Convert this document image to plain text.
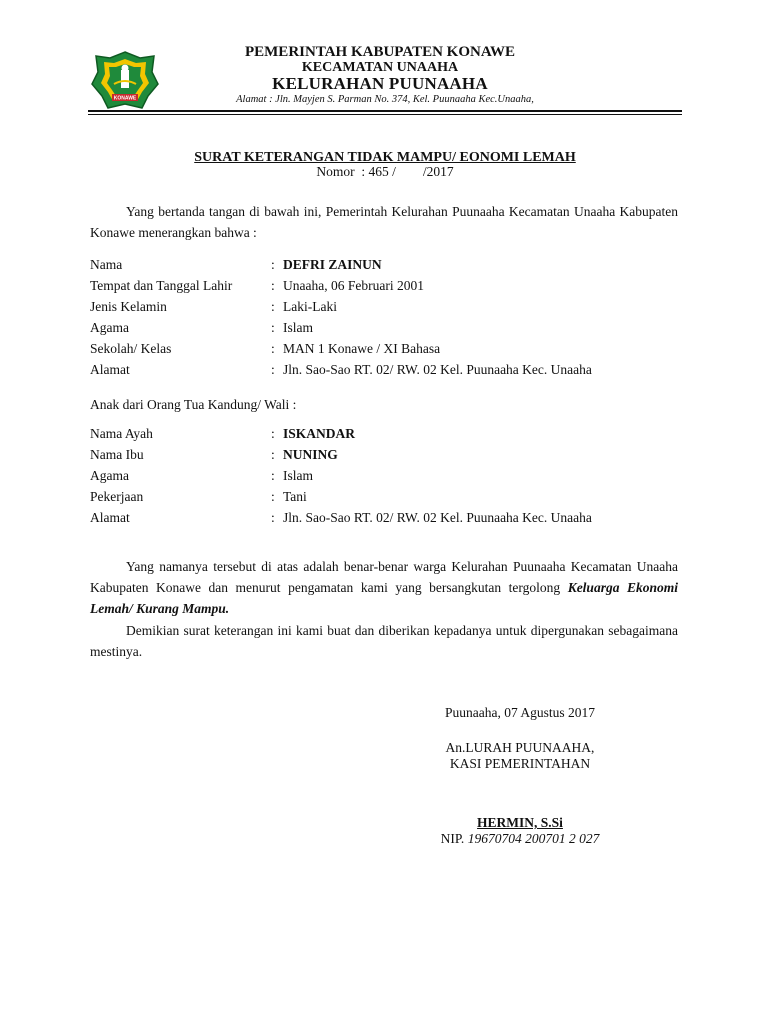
KONAWE
PEMERINTAH KABUPATEN KONAWE
KECAMATAN UNAAHA
KELURAHAN PUUNAAHA
Alamat : Jln. Mayjen S. Parman No. 374, Kel. Puunaaha Kec.Unaaha,
SURAT KETERANGAN TIDAK MAMPU/ EONOMI LEMAH
Nomor  : 465 /        /2017
Yang bertanda tangan di bawah ini, Pemerintah Kelurahan Puunaaha Kecamatan Unaaha Kabupaten Konawe menerangkan bahwa :
Nama	: DEFRI ZAINUN
Tempat dan Tanggal Lahir	: Unaaha, 06 Februari 2001
Jenis Kelamin	: Laki-Laki
Agama	: Islam
Sekolah/ Kelas	: MAN 1 Konawe / XI Bahasa
Alamat	: Jln. Sao-Sao RT. 02/ RW. 02 Kel. Puunaaha Kec. Unaaha
Anak dari Orang Tua Kandung/ Wali :
Nama Ayah	: ISKANDAR
Nama Ibu	: NUNING
Agama	: Islam
Pekerjaan	: Tani
Alamat	: Jln. Sao-Sao RT. 02/ RW. 02 Kel. Puunaaha Kec. Unaaha
Yang namanya tersebut di atas adalah benar-benar warga Kelurahan Puunaaha Kecamatan Unaaha Kabupaten Konawe dan menurut pengamatan kami yang bersangkutan tergolong Keluarga Ekonomi Lemah/ Kurang Mampu.
Demikian surat keterangan ini kami buat dan diberikan kepadanya untuk dipergunakan sebagaimana mestinya.
Puunaaha, 07 Agustus 2017
An.LURAH PUUNAAHA,
KASI PEMERINTAHAN
HERMIN, S.Si
NIP. 19670704 200701 2 027
